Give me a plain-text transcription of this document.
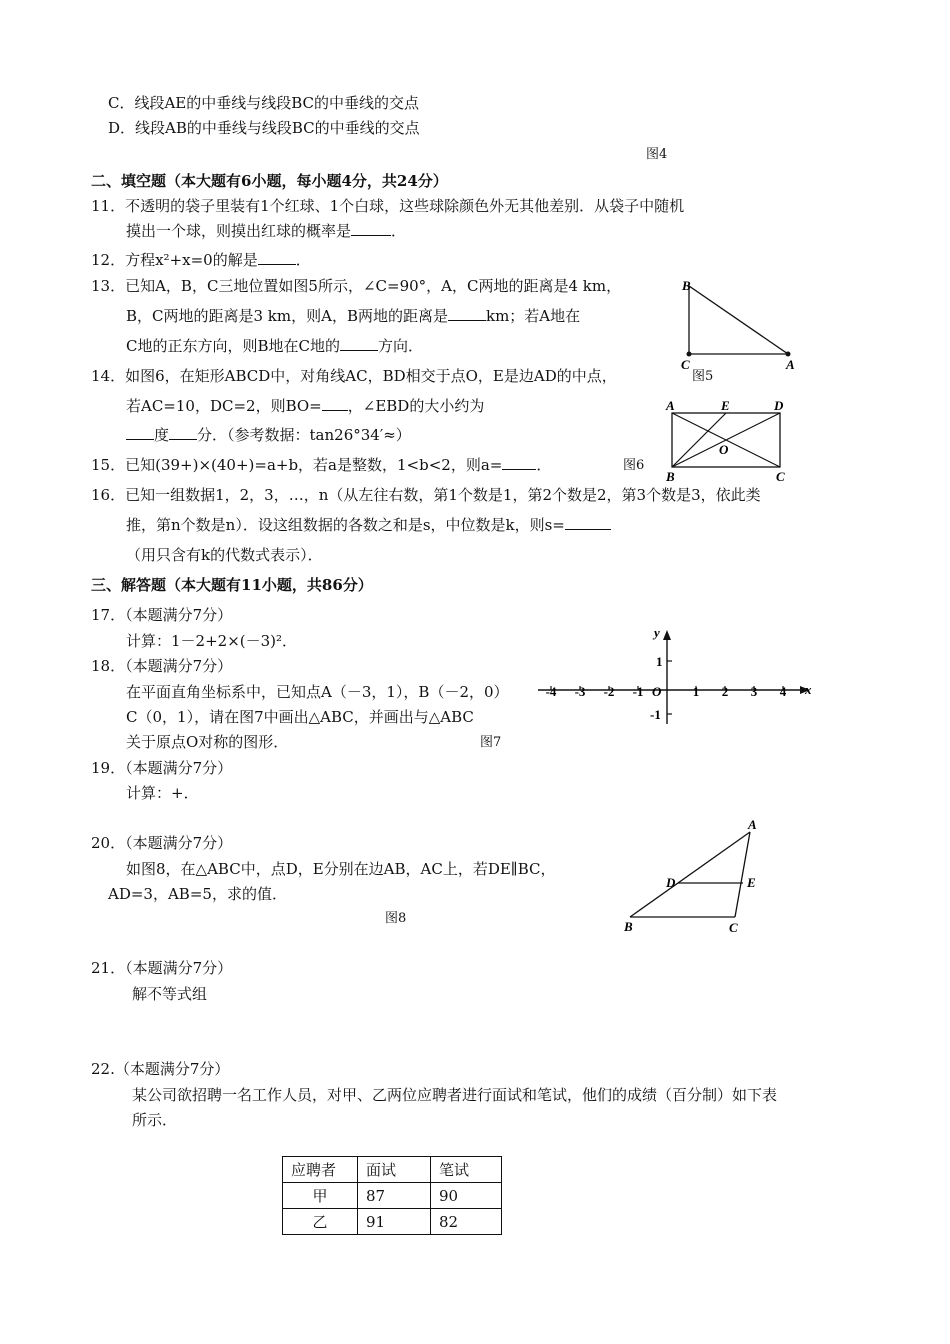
C．线段AE的中垂线与线段BC的中垂线的交点
D．线段AB的中垂线与线段BC的中垂线的交点
图4
二、填空题（本大题有6小题，每小题4分，共24分）
11．不透明的袋子里装有1个红球、1个白球，这些球除颜色外无其他差别．从袋子中随机
摸出一个球，则摸出红球的概率是	．
12．方程x²+x=0的解是	．
13．已知A，B，C三地位置如图5所示，∠C=90°，A，C两地的距离是4 km，
B，C两地的距离是3 km，则A，B两地的距离是	km；若A地在
C地的正东方向，则B地在C地的	方向．
B
C	A
图5
14．如图6，在矩形ABCD中，对角线AC，BD相交于点O，E是边AD的中点，
若AC=10，DC=2，则BO= ，∠EBD的大小约为
度 分．（参考数据：tan26°34′≈）
A	E	D
O
B	C
15．已知(39+)×(40+)=a+b，若a是整数，1<b<2，则a= ．	图6
16．已知一组数据1，2，3，…，n（从左往右数，第1个数是1，第2个数是2，第3个数是3，依此类
推，第n个数是n）．设这组数据的各数之和是s，中位数是k，则s=
（用只含有k的代数式表示）．
三、解答题（本大题有11小题，共86分）
17．（本题满分7分）
计算：1－2+2×(－3)²．
18．（本题满分7分）
在平面直角坐标系中，已知点A（－3，1），B（－2，0）
C（0，1），请在图7中画出△ABC，并画出与△ABC
关于原点O对称的图形．	图7
y
x
O
1
-1
-4 -3 -2 -1	1 2 3 4
19．（本题满分7分）
计算：+．
20．（本题满分7分）
如图8，在△ABC中，点D，E分别在边AB，AC上，若DE∥BC，
AD=3，AB=5，求的值．
图8
A
D	E
B	C
21．（本题满分7分）
解不等式组
22.（本题满分7分）
某公司欲招聘一名工作人员，对甲、乙两位应聘者进行面试和笔试，他们的成绩（百分制）如下表
所示．
应聘者	面试	笔试
甲	87	90
乙	91	82
